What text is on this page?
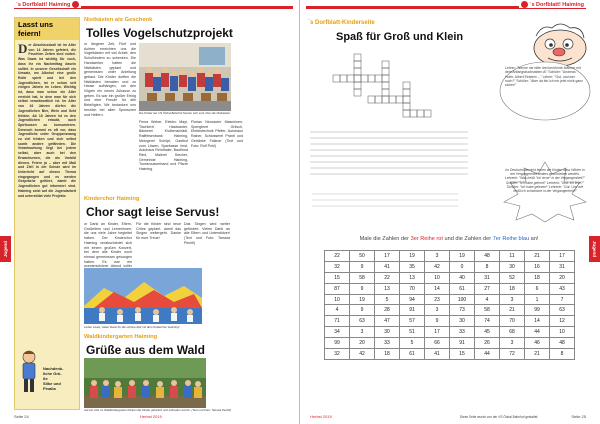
´s Dorfblatt! Haiming
Jugend
Lasst uns feiern!

Der Abschlussball ist im Alter von 14 Jahren gefeiert, die Feuchten Zeiten sind vorbei. Was Dawa ist wichtig für euch, dass ihr ein Nachmittag dasein solltet. In unserer Gesellschaft ein Umsatz, wo Alkohol eine große Rolle spielt und bei den Jugendlichen, ist er schon seit einigen Jahren im Leben. Wichtig ist, dass man schon ein Alter erreicht hat, in dem man für sich selbst verantwortlich ist. Im Alter von 16 Jahren dürfen die Jugendlichen Bier, Wein und Sekt trinken. Ab 18 Jahren ist es den Jugendlichen erlaubt, auch Spirituosen zu konsumieren. Dennoch kommt es oft vor, dass Jugendliche unter Gruppenzwang zu viel trinken und sich selbst sowie andere gefährden. Die Verantwortung liegt bei jedem selbst, aber auch bei den Erwachsenen, die als Vorbild dienen. Feiern ja – aber mit Maß und Ziel! In der Schule wird im Unterricht auf dieses Thema eingegangen und es werden Gespräche geführt, damit die Jugendlichen gut informiert sind. Haiming setzt auf die Jugendarbeit und unterstützt viele Projekte.

Nachdenk-
liche Grü-
ße
Silke und
Finalia
Nistkästen als Geschenk
Tolles Vogelschutzprojekt
or längerer Zeit, Fünf und Achten erreichten uns die Vogelkästen mit viel Arbeit, den Schulkindern zu schenken. Die Handwerker hatten die Nistkästen geplant und gemeinsam unter Anleitung gebaut. Die Kinder durften die Nistkästen bemalen und zu Hause aufhängen, um den Vögeln ein neues Zuhause zu geben. Es war ein großer Erfolg und eine Freude für alle Beteiligten. Wir bedanken uns herzlich bei allen Sponsoren und Helfern.	Die Kinder der VS Ötztal-Bahnhof freuten sich sehr über die Nistkästen.
Firma Weber, Elektro Mayr, Tischlerei Haslwanter, Bäckerei Kluibenschädl, Raiffeisenbank Haiming, Metzgerei Schöpf, Gasthof zum Löwen, Sparkasse Imst, Autohaus Reinthaler, Baufirma Riml, Malerei Stecher, Gemeinde Haiming, Tourismusverband und Pfarre Haiming.
Florian Neurauter Maschinen, Spenglerei Gritsch, Elektrotechnik Pfeifer, Autohaus Rainer, Schlosserei Prantl und Getränke Falkner (Text und Foto: Rolf Pohl)
Kinderchor Haiming
Chor sagt leise Servus!
or Dank an Kinder, Eltern, Großeltern und Lehrerinnen, die uns viele Jahre begleitet haben. Der Kinderchor Haiming verabschiedet sich mit einem großen Konzert, bei dem alle Kinder noch einmal gemeinsam gesungen haben. Es war ein wunderschöner Abend voller
Für die Kinder sind neue Chöre geplant, damit das Singen weitergeht. Danke für eure Treue!
Das Singen wird weiter gefördert. Vielen Dank an alle Eltern und Unterstützer! (Text und Foto: Tamara Pechtl)
Lieber Leute, vielen Dank für die schöne Zeit mit dem Kinderchor Haiming!
Waldkindergarten Haiming
Grüße aus dem Wald
Auf ein Jahr im Waldkindergarten blicken die Kinder glücklich und zufrieden zurück. (Text und Foto: Tamara Pechtl)
Seite 24	Herbst 2019
´s Dorfblatt! Haiming
Jugend
´s Dorfblatt-Kinderseite
Spaß für Groß und Klein
Lehrer: "Nenne mir bitte drei berühmte Männer mit dem Anfangsbuchstaben A!" Schüler: "Andreas Hofer, Albert Einstein ..." Lehrer: "Gut, und wer noch?" Schüler: "Aber da bin ich mir jetzt nicht ganz sicher!"
Im Deutschunterricht lernen die Kinder, dass Wörter in der Vergangenheit anders geschrieben werden. Lehrerin: "Was heißt "ich lerne" in der Vergangenheit?" Schüler: "Ich habe gelernt!" Lehrerin: "Und: ich lese?" Schüler: "Ich habe gelesen!" Lehrerin: "Gut. Und wie heißt ich schwimme in der Vergangenheit?"
Male die Zahlen der 3er Reihe rot und die Zahlen der 7er Reihe blau an!
22	50	17	19	3	19	48	11	21	17
32	9	41	35	42	0	8	30	16	31
15	58	22	13	10	40	31	52	18	20
87	9	13	70	14	61	27	18	6	43
10	19	5	94	23	100	4	3	1	7
4	9	28	91	3	73	58	21	99	63
71	63	47	57	9	30	74	70	14	12
34	3	30	51	17	33	45	68	44	10
99	20	33	5	66	91	26	3	46	48
32	42	18	61	41	15	44	72	21	8
Herbst 2019	Diese Seite wurde von der VS Ötztal Bahnhof gestaltet.	Seite 25
